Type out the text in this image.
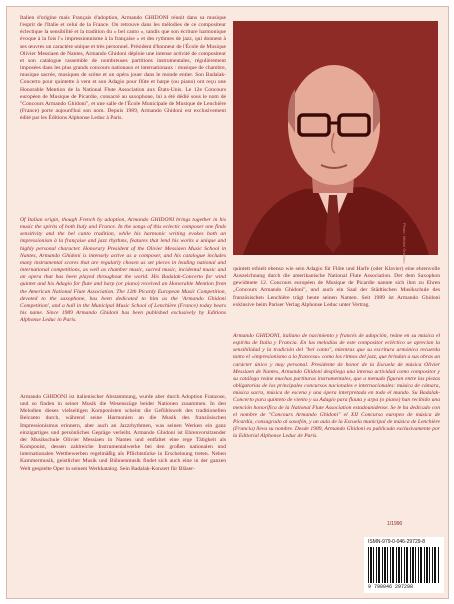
Italien d'origine mais Français d'adoption, Armando GHIDONI réunit dans sa musique l'esprit de l'Italie et celui de la France. On retrouve dans les mélodies de ce compositeur éclectique la sensibilité et la tradition du « bel canto », tandis que son écriture harmonique évoque à la fois l'« impressionnisme à la française » et des rythmes de jazz, qui donnent à ses œuvres un caractère unique et très personnel. Président d'honneur de l'École de Musique Olivier Messiaen de Nantes, Armando Ghidoni déploie une intense activité de compositeur et son catalogue rassemble de nombreuses partitions instrumentales, régulièrement imposées dans les plus grands concours nationaux et internationaux : musique de chambre, musique sacrée, musiques de scène et un opéra jouer dans le monde entier. Son Badalak-Concerto pour quintette à vent et son Adagio pour flûte et harpe (ou piano) ont reçu une Honorable Mention de la National Flute Association aux États-Unis. Le 12e Concours européen de Musique de Picardie, consacré au saxophone, lui a été dédié sous le nom de "Concours Armando Ghidoni", et une salle de l'École Municipale de Musique de Lenchière (France) porte aujourd'hui son nom. Depuis 1989, Armando Ghidoni est exclusivement édité par les Éditions Alphonse Leduc à Paris.

Photo: Michel Grichton

Of Italian origin, though French by adoption, Armando GHIDONI brings together in his music the spirits of both Italy and France. In the songs of this eclectic composer one finds sensitivity and the bel canto tradition, while his harmonic writing evokes both an impressionism à la française and jazz rhythms, features that lend his works a unique and highly personal character. Honorary President of the Olivier Messiaen Music School in Nantes, Armando Ghidoni is intensely active as a composer, and his catalogue includes many instrumental scores that are regularly chosen as set pieces in leading national and international competitions, as well as chamber music, sacred music, incidental music and an opera that has been played throughout the world. His Badalak-Concerto for wind quintet and his Adagio for flute and harp (or piano) received an Honorable Mention from the American National Flute Association. The 12th Picardy European Music Competition, devoted to the saxophone, has been dedicated to him as the 'Armando Ghidoni Competition', and a hall in the Municipal Music School of Lenchière (France) today bears his name. Since 1989 Armando Ghidoni has been published exclusively by Editions Alphonse Leduc in Paris.

Armando GHIDONI ist italienischer Abstammung, wurde aber durch Adoption Franzose, und so finden in seiner Musik die Wesenszüge beider Nationen zusammen. In den Melodien dieses vielseitigen Komponisten scheint die Gefühlswelt des traditionellen Belcanto durch, während seine Harmonien an die Musik des französischen Impressionismus erinnern, aber auch an Jazzrhythmen, was seinen Werken ein ganz einzigartiges und persönliches Gepräge verleiht. Armando Ghidoni ist Ehrenvorsitzender der Musikschule Olivier Messiaen in Nantes und entfaltet eine rege Tätigkeit als Komponist, dessen zahlreiche Instrumentalwerke bei den großen nationalen und internationalen Wettbewerben regelmäßig als Pflichtstücke in Erscheinung treten. Neben Kammermusik, geistlicher Musik und Bühnenmusik findet sich auch eine in der ganzen Welt gespielte Oper in seinem Werkkatalog. Sein Badalak-Konzert für Bläser-

quintett erhielt ebenso wie sein Adagio für Flöte und Harfe (oder Klavier) eine ehrenvolle Auszeichnung durch die amerikanische National Flute Association. Der dem Saxophon gewidmete 12. Concours européen de Musique de Picardie nannte sich ihm zu Ehren „Concours Armando Ghidoni", und auch ein Saal der Städtischen Musikschule des französischen Lenchière trägt heute seinen Namen. Seit 1989 ist Armando Ghidoni exklusive beim Pariser Verlag Alphonse Leduc unter Vertrag.

Armando GHIDONI, italiano de nacimiento y francés de adopción, reúne en su música el espíritu de Italia y Francia. En las melodías de este compositor ecléctico se aprecian la sensibilidad y la tradición del "bel canto", mientras que su escritura armónica recuerda tanto el «impresionismo a la francesa» como los ritmos del jazz, que brindan a sus obras un carácter único y muy personal. Presidente de honor de la Escuela de música Olivier Messiaen de Nantes, Armando Ghidoni despliega una intensa actividad como compositor y su catálogo reúne muchas partituras instrumentales, que a menudo figuran entre las piezas obligatorias de los principales concursos nacionales e internacionales: música de cámara, música sacra, música de escena y una ópera interpretada en todo el mundo. Su Badalak-Concerto para quinteto de viento y su Adagio para flauta y arpa (o piano) han recibido una mención honorífica de la National Flute Association estadounidense. Se le ha dedicado con el nombre de "Concours Armando Ghidoni" el XII Concurso europeo de música de Picardía, consagrado al saxofón, y un aula de la Escuela municipal de música de Lenchière (Francia) lleva su nombre. Desde 1989, Armando Ghidoni es publicado exclusivamente por la Editorial Alphonse Leduc de París.

1/1990
ISMN-979-0-046-29729-8
9 790046 297298
